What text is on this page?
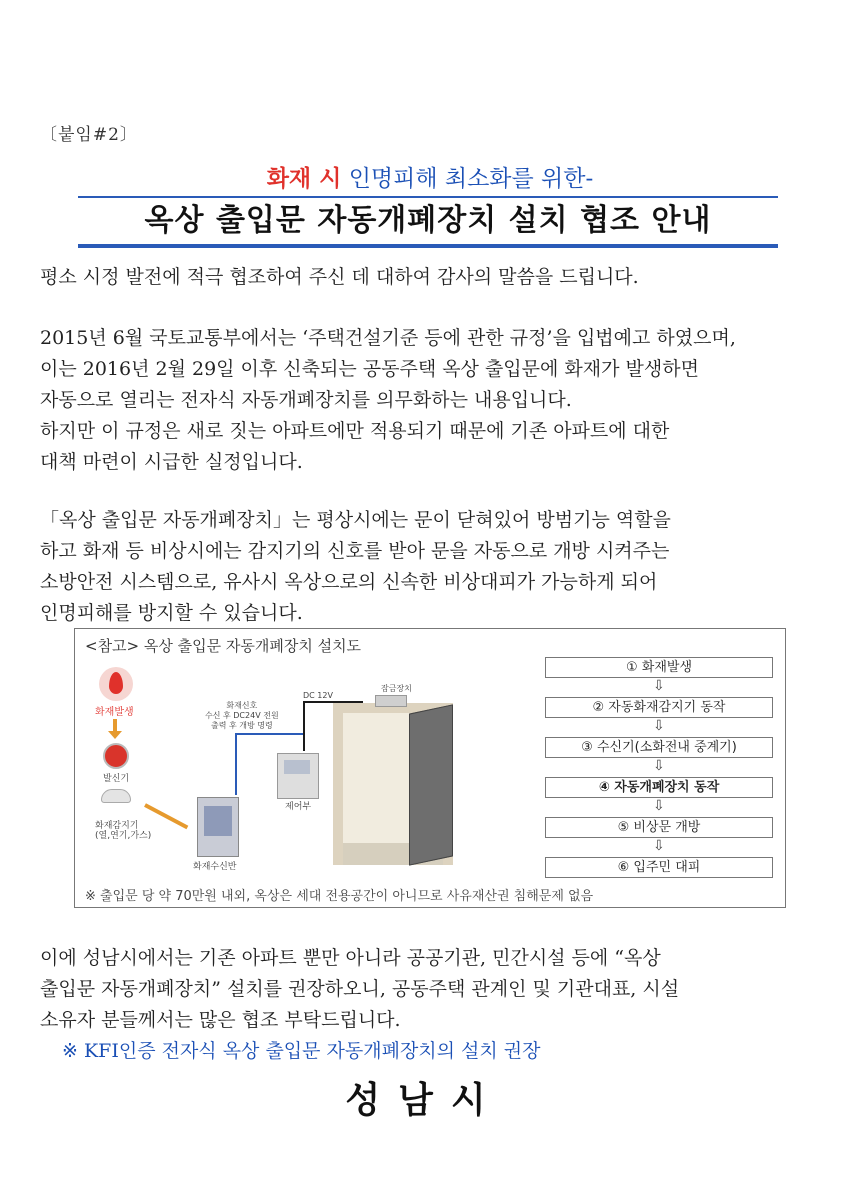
〔붙임#2〕
화재 시 인명피해 최소화를 위한-
옥상 출입문 자동개폐장치 설치 협조 안내
평소 시정 발전에 적극 협조하여 주신 데 대하여 감사의 말씀을 드립니다.
2015년 6월 국토교통부에서는 ‘주택건설기준 등에 관한 규정’을 입법예고 하였으며,
이는 2016년 2월 29일 이후 신축되는 공동주택 옥상 출입문에 화재가 발생하면
자동으로 열리는 전자식 자동개폐장치를 의무화하는 내용입니다.
하지만 이 규정은 새로 짓는 아파트에만 적용되기 때문에 기존 아파트에 대한
대책 마련이 시급한 실정입니다.
「옥상 출입문 자동개폐장치」는 평상시에는 문이 닫혀있어 방범기능 역할을
하고 화재 등 비상시에는 감지기의 신호를 받아 문을 자동으로 개방 시켜주는
소방안전 시스템으로, 유사시 옥상으로의 신속한 비상대피가 가능하게 되어
인명피해를 방지할 수 있습니다.
<참고> 옥상 출입문 자동개폐장치 설치도
화재발생
발신기
화재감지기
(열,연기,가스)
화재수신반
화재신호
수신 후 DC24V 전원
출력 후 개방 명령
제어부
DC 12V
잠금장치
① 화재발생
⇩
② 자동화재감지기 동작
⇩
③ 수신기(소화전내 중계기)
⇩
④ 자동개폐장치 동작
⇩
⑤ 비상문 개방
⇩
⑥ 입주민 대피
※ 출입문 당 약 70만원 내외, 옥상은 세대 전용공간이 아니므로 사유재산권 침해문제 없음
이에 성남시에서는 기존 아파트 뿐만 아니라 공공기관, 민간시설 등에 “옥상
출입문 자동개폐장치” 설치를 권장하오니, 공동주택 관계인 및 기관대표, 시설
소유자 분들께서는 많은 협조 부탁드립니다.
※ KFI인증 전자식 옥상 출입문 자동개폐장치의 설치 권장
성남시
